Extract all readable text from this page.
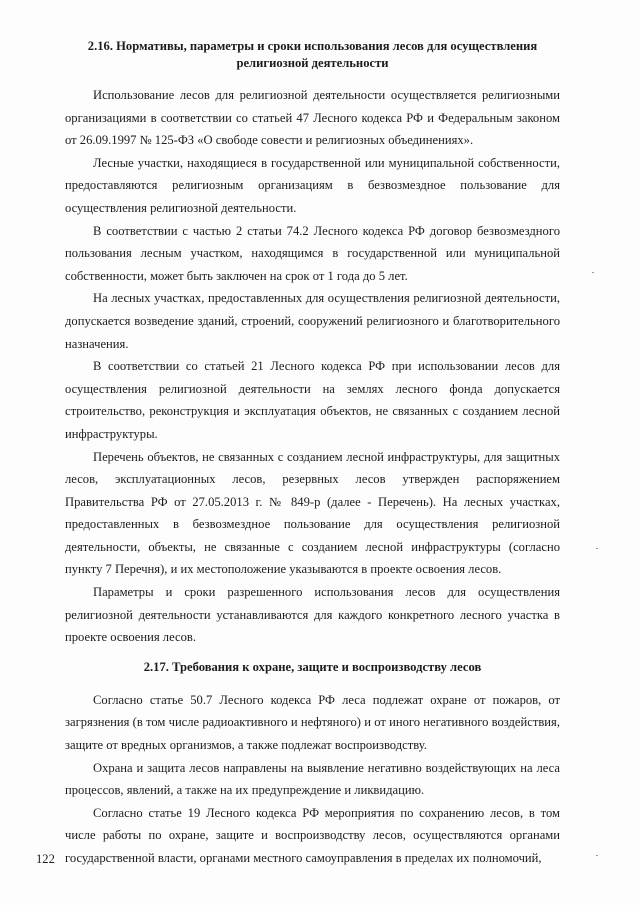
2.16. Нормативы, параметры и сроки использования лесов для осуществления
религиозной деятельности

Использование лесов для религиозной деятельности осуществляется религиозными организациями в соответствии со статьей 47 Лесного кодекса РФ и Федеральным законом от 26.09.1997 № 125-ФЗ «О свободе совести и религиозных объединениях».

Лесные участки, находящиеся в государственной или муниципальной собственности, предоставляются религиозным организациям в безвозмездное пользование для осуществления религиозной деятельности.

В соответствии с частью 2 статьи 74.2 Лесного кодекса РФ договор безвозмездного пользования лесным участком, находящимся в государственной или муниципальной собственности, может быть заключен на срок от 1 года до 5 лет.

На лесных участках, предоставленных для осуществления религиозной деятельности, допускается возведение зданий, строений, сооружений религиозного и благотворительного назначения.

В соответствии со статьей 21 Лесного кодекса РФ при использовании лесов для осуществления религиозной деятельности на землях лесного фонда допускается строительство, реконструкция и эксплуатация объектов, не связанных с созданием лесной инфраструктуры.

Перечень объектов, не связанных с созданием лесной инфраструктуры, для защитных лесов, эксплуатационных лесов, резервных лесов утвержден распоряжением Правительства РФ от 27.05.2013 г. № 849-р (далее - Перечень). На лесных участках, предоставленных в безвозмездное пользование для осуществления религиозной деятельности, объекты, не связанные с созданием лесной инфраструктуры (согласно пункту 7 Перечня), и их местоположение указываются в проекте освоения лесов.

Параметры и сроки разрешенного использования лесов для осуществления религиозной деятельности устанавливаются для каждого конкретного лесного участка в проекте освоения лесов.

2.17. Требования к охране, защите и воспроизводству лесов

Согласно статье 50.7 Лесного кодекса РФ леса подлежат охране от пожаров, от загрязнения (в том числе радиоактивного и нефтяного) и от иного негативного воздействия, защите от вредных организмов, а также подлежат воспроизводству.

Охрана и защита лесов направлены на выявление негативно воздействующих на леса процессов, явлений, а также на их предупреждение и ликвидацию.

Согласно статье 19 Лесного кодекса РФ мероприятия по сохранению лесов, в том числе работы по охране, защите и воспроизводству лесов, осуществляются органами государственной власти, органами местного самоуправления в пределах их полномочий,

122
